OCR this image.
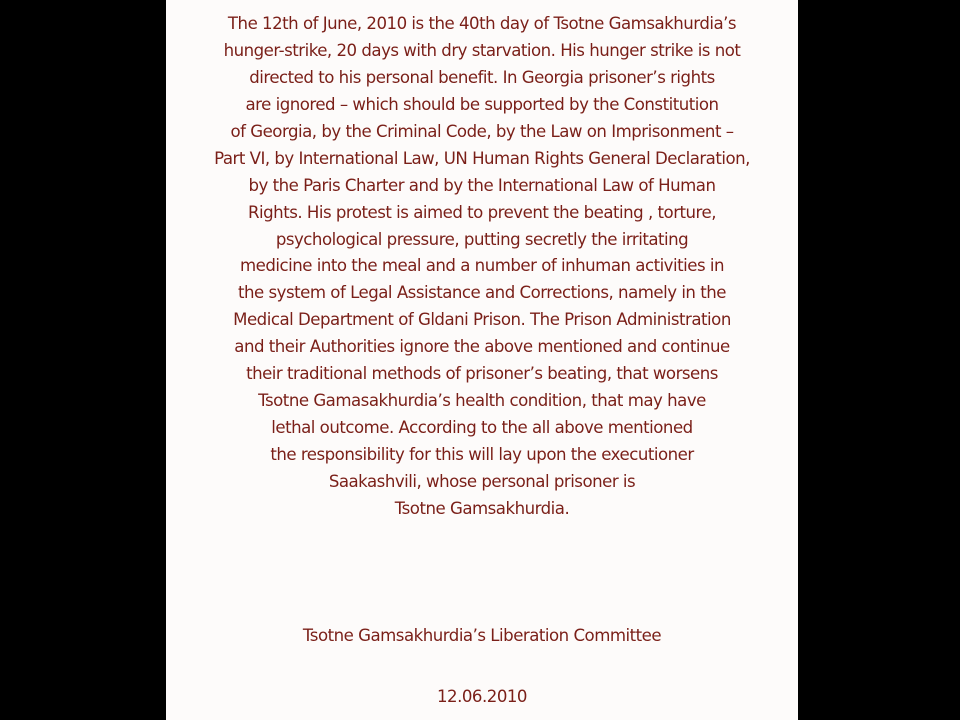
The 12th of June, 2010 is the 40th day of Tsotne Gamsakhurdia’s
hunger-strike, 20 days with dry starvation. His hunger strike is not
directed to his personal benefit. In Georgia prisoner’s rights
are ignored – which should be supported by the Constitution
of Georgia, by the Criminal Code, by the Law on Imprisonment –
Part VI, by International Law, UN Human Rights General Declaration,
by the Paris Charter and by the International Law of Human
Rights. His protest is aimed to prevent the beating , torture,
psychological pressure, putting secretly the irritating
medicine into the meal and a number of inhuman activities in
the system of Legal Assistance and Corrections, namely in the
Medical Department of Gldani Prison. The Prison Administration
and their Authorities ignore the above mentioned and continue
their traditional methods of prisoner’s beating, that worsens
Tsotne Gamasakhurdia’s health condition, that may have
lethal outcome. According to the all above mentioned
the responsibility for this will lay upon the executioner
Saakashvili, whose personal prisoner is
Tsotne Gamsakhurdia.
Tsotne Gamsakhurdia’s Liberation Committee
12.06.2010
